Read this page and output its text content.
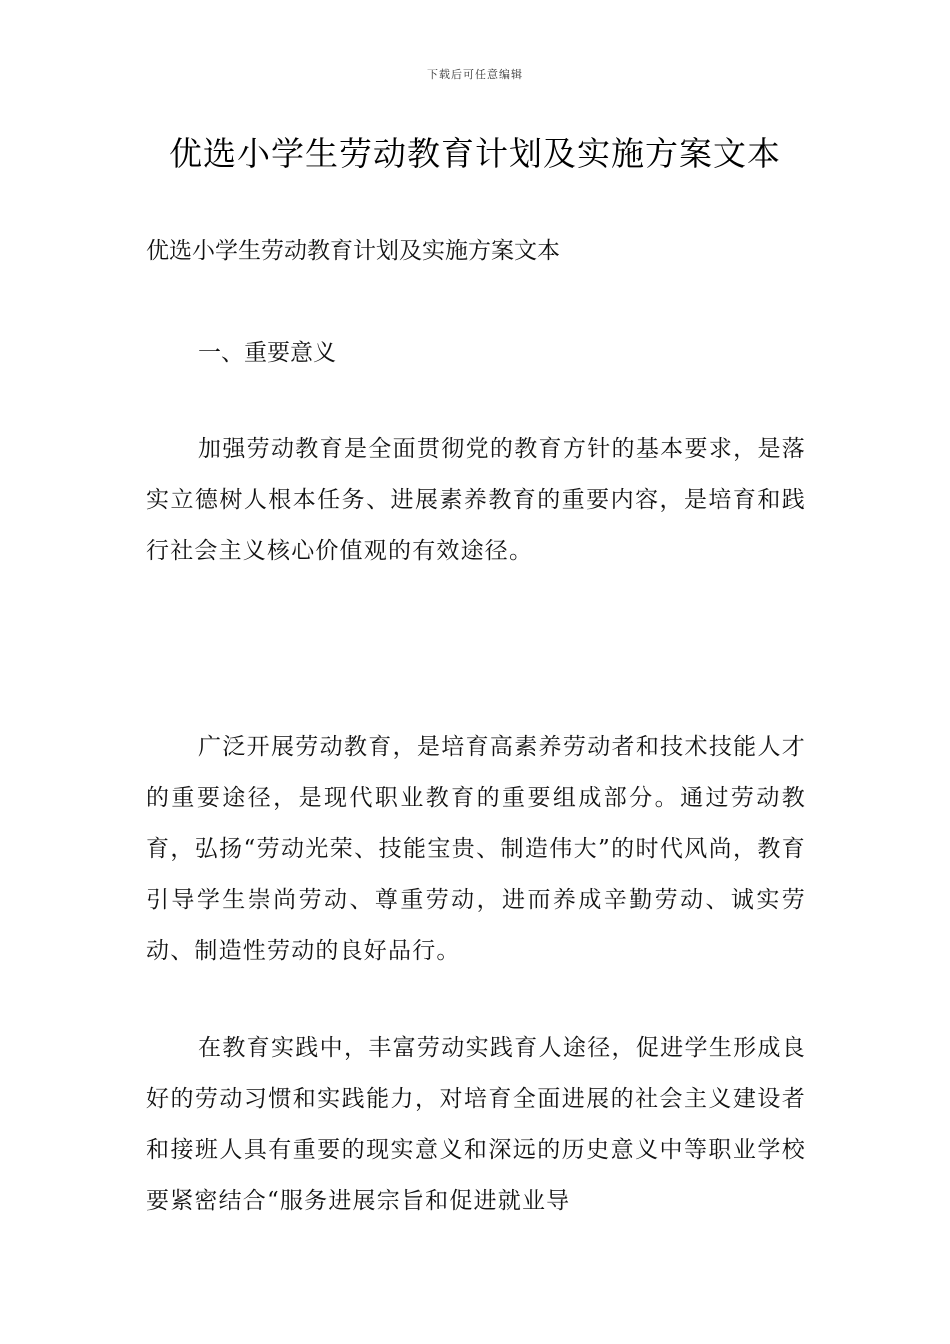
下载后可任意编辑
优选小学生劳动教育计划及实施方案文本

优选小学生劳动教育计划及实施方案文本

一、重要意义

加强劳动教育是全面贯彻党的教育方针的基本要求，是落实立德树人根本任务、进展素养教育的重要内容，是培育和践行社会主义核心价值观的有效途径。

广泛开展劳动教育，是培育高素养劳动者和技术技能人才的重要途径，是现代职业教育的重要组成部分。通过劳动教育，弘扬“劳动光荣、技能宝贵、制造伟大”的时代风尚，教育引导学生崇尚劳动、尊重劳动，进而养成辛勤劳动、诚实劳动、制造性劳动的良好品行。

在教育实践中，丰富劳动实践育人途径，促进学生形成良好的劳动习惯和实践能力，对培育全面进展的社会主义建设者和接班人具有重要的现实意义和深远的历史意义中等职业学校要紧密结合“服务进展宗旨和促进就业导
